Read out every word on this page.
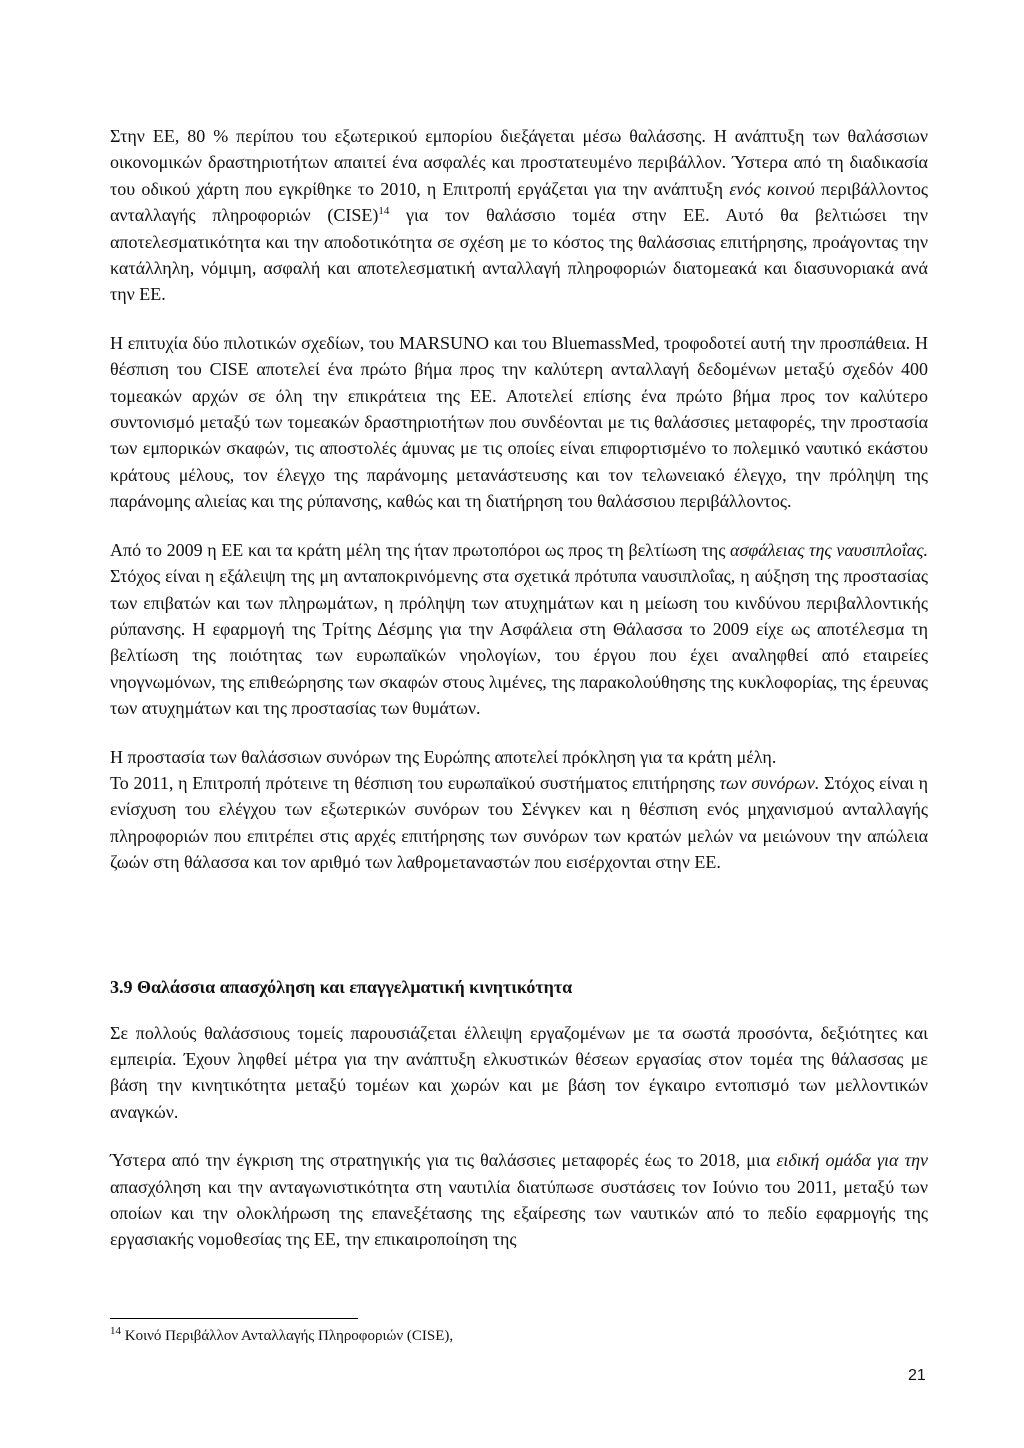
Στην ΕΕ, 80 % περίπου του εξωτερικού εμπορίου διεξάγεται μέσω θαλάσσης. Η ανάπτυξη των θαλάσσιων οικονομικών δραστηριοτήτων απαιτεί ένα ασφαλές και προστατευμένο περιβάλλον. Ύστερα από τη διαδικασία του οδικού χάρτη που εγκρίθηκε το 2010, η Επιτροπή εργάζεται για την ανάπτυξη ενός κοινού περιβάλλοντος ανταλλαγής πληροφοριών (CISE)$^{14}$ για τον θαλάσσιο τομέα στην ΕΕ. Αυτό θα βελτιώσει την αποτελεσματικότητα και την αποδοτικότητα σε σχέση με το κόστος της θαλάσσιας επιτήρησης, προάγοντας την κατάλληλη, νόμιμη, ασφαλή και αποτελεσματική ανταλλαγή πληροφοριών διατομεακά και διασυνοριακά ανά την ΕΕ.

Η επιτυχία δύο πιλοτικών σχεδίων, του MARSUNO και του BluemassMed, τροφοδοτεί αυτή την προσπάθεια. Η θέσπιση του CISE αποτελεί ένα πρώτο βήμα προς την καλύτερη ανταλλαγή δεδομένων μεταξύ σχεδόν 400 τομεακών αρχών σε όλη την επικράτεια της ΕΕ. Αποτελεί επίσης ένα πρώτο βήμα προς τον καλύτερο συντονισμό μεταξύ των τομεακών δραστηριοτήτων που συνδέονται με τις θαλάσσιες μεταφορές, την προστασία των εμπορικών σκαφών, τις αποστολές άμυνας με τις οποίες είναι επιφορτισμένο το πολεμικό ναυτικό εκάστου κράτους μέλους, τον έλεγχο της παράνομης μετανάστευσης και τον τελωνειακό έλεγχο, την πρόληψη της παράνομης αλιείας και της ρύπανσης, καθώς και τη διατήρηση του θαλάσσιου περιβάλλοντος.

Από το 2009 η ΕΕ και τα κράτη μέλη της ήταν πρωτοπόροι ως προς τη βελτίωση της ασφάλειας της ναυσιπλοΐας. Στόχος είναι η εξάλειψη της μη ανταποκρινόμενης στα σχετικά πρότυπα ναυσιπλοΐας, η αύξηση της προστασίας των επιβατών και των πληρωμάτων, η πρόληψη των ατυχημάτων και η μείωση του κινδύνου περιβαλλοντικής ρύπανσης. Η εφαρμογή της Τρίτης Δέσμης για την Ασφάλεια στη Θάλασσα το 2009 είχε ως αποτέλεσμα τη βελτίωση της ποιότητας των ευρωπαϊκών νηολογίων, του έργου που έχει αναληφθεί από εταιρείες νηογνωμόνων, της επιθεώρησης των σκαφών στους λιμένες, της παρακολούθησης της κυκλοφορίας, της έρευνας των ατυχημάτων και της προστασίας των θυμάτων.

Η προστασία των θαλάσσιων συνόρων της Ευρώπης αποτελεί πρόκληση για τα κράτη μέλη.

Το 2011, η Επιτροπή πρότεινε τη θέσπιση του ευρωπαϊκού συστήματος επιτήρησης των συνόρων. Στόχος είναι η ενίσχυση του ελέγχου των εξωτερικών συνόρων του Σένγκεν και η θέσπιση ενός μηχανισμού ανταλλαγής πληροφοριών που επιτρέπει στις αρχές επιτήρησης των συνόρων των κρατών μελών να μειώνουν την απώλεια ζωών στη θάλασσα και τον αριθμό των λαθρομεταναστών που εισέρχονται στην ΕΕ.

3.9 Θαλάσσια απασχόληση και επαγγελματική κινητικότητα

Σε πολλούς θαλάσσιους τομείς παρουσιάζεται έλλειψη εργαζομένων με τα σωστά προσόντα, δεξιότητες και εμπειρία. Έχουν ληφθεί μέτρα για την ανάπτυξη ελκυστικών θέσεων εργασίας στον τομέα της θάλασσας με βάση την κινητικότητα μεταξύ τομέων και χωρών και με βάση τον έγκαιρο εντοπισμό των μελλοντικών αναγκών.

Ύστερα από την έγκριση της στρατηγικής για τις θαλάσσιες μεταφορές έως το 2018, μια ειδική ομάδα για την απασχόληση και την ανταγωνιστικότητα στη ναυτιλία διατύπωσε συστάσεις τον Ιούνιο του 2011, μεταξύ των οποίων και την ολοκλήρωση της επανεξέτασης της εξαίρεσης των ναυτικών από το πεδίο εφαρμογής της εργασιακής νομοθεσίας της ΕΕ, την επικαιροποίηση της

$^{14}$ Κοινό Περιβάλλον Ανταλλαγής Πληροφοριών (CISE),
21
